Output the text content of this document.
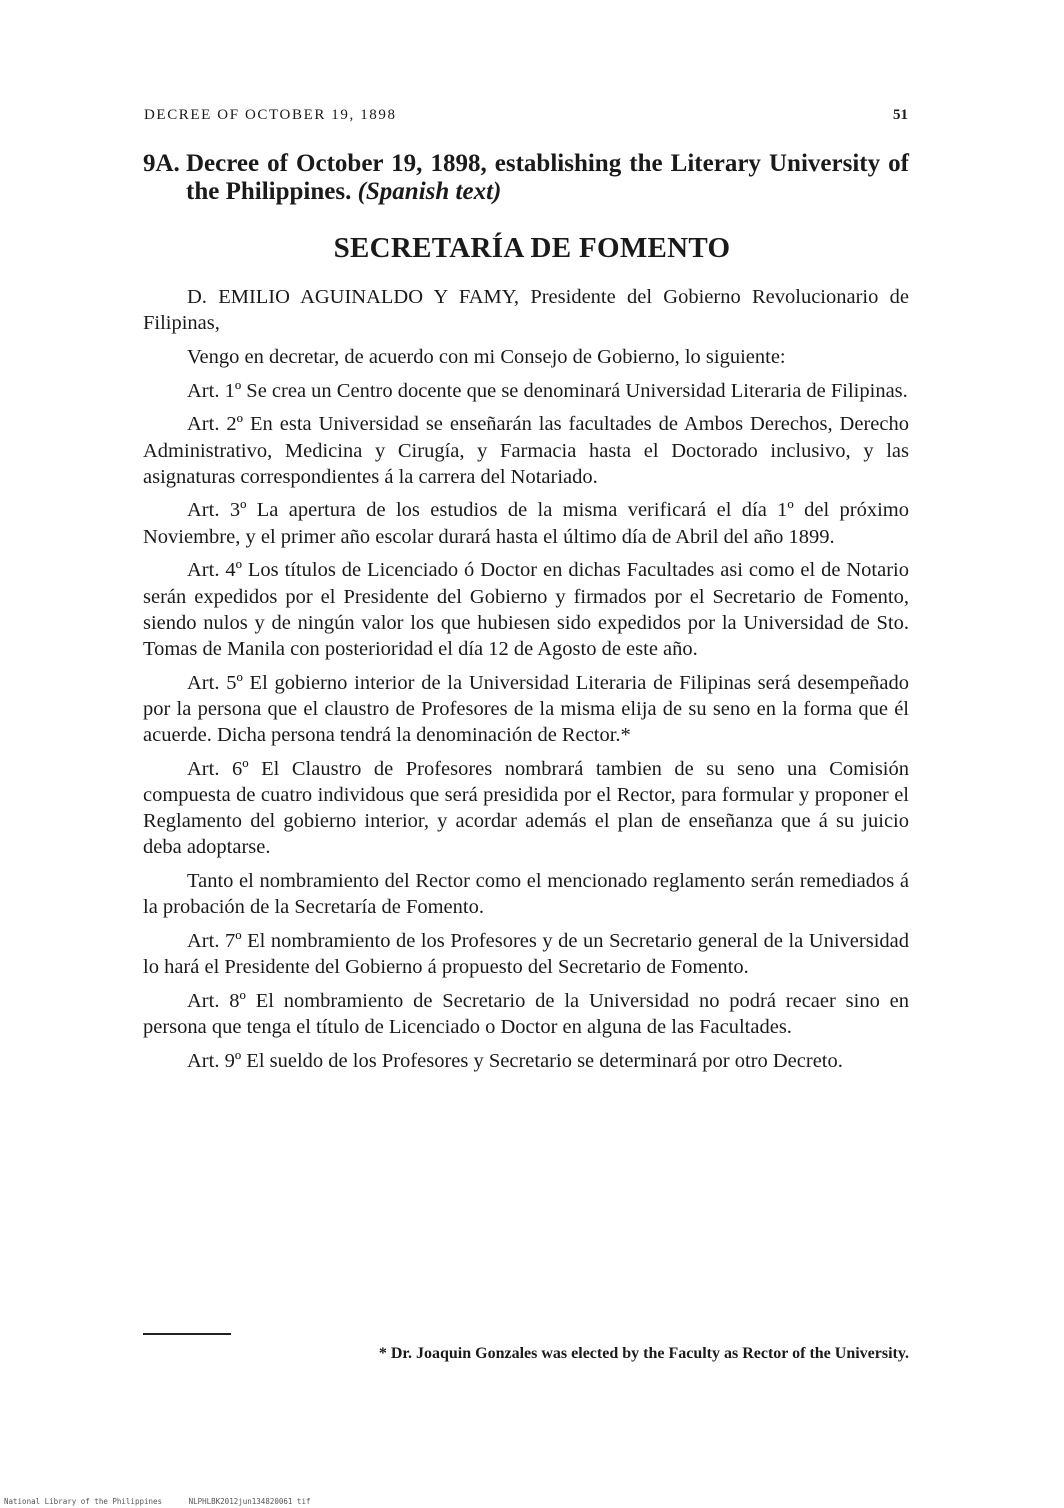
DECREE OF OCTOBER 19, 1898	51
9A. Decree of October 19, 1898, establishing the Literary University of the Philippines. (Spanish text)
SECRETARÍA DE FOMENTO

D. EMILIO AGUINALDO Y FAMY, Presidente del Gobierno Revolucionario de Filipinas,

Vengo en decretar, de acuerdo con mi Consejo de Gobierno, lo siguiente:

Art. 1º Se crea un Centro docente que se denominará Universidad Literaria de Filipinas.

Art. 2º En esta Universidad se enseñarán las facultades de Ambos Derechos, Derecho Administrativo, Medicina y Cirugía, y Farmacia hasta el Doctorado inclusivo, y las asignaturas correspondientes á la carrera del Notariado.

Art. 3º La apertura de los estudios de la misma verificará el día 1º del próximo Noviembre, y el primer año escolar durará hasta el último día de Abril del año 1899.

Art. 4º Los títulos de Licenciado ó Doctor en dichas Facultades asi como el de Notario serán expedidos por el Presidente del Gobierno y firmados por el Secretario de Fomento, siendo nulos y de ningún valor los que hubiesen sido expedidos por la Universidad de Sto. Tomas de Manila con posterioridad el día 12 de Agosto de este año.

Art. 5º El gobierno interior de la Universidad Literaria de Filipinas será desempeñado por la persona que el claustro de Profesores de la misma elija de su seno en la forma que él acuerde. Dicha persona tendrá la denominación de Rector.*

Art. 6º El Claustro de Profesores nombrará tambien de su seno una Comisión compuesta de cuatro individous que será presidida por el Rector, para formular y proponer el Reglamento del gobierno interior, y acordar además el plan de enseñanza que á su juicio deba adoptarse.

Tanto el nombramiento del Rector como el mencionado reglamento serán remediados á la probación de la Secretaría de Fomento.

Art. 7º El nombramiento de los Profesores y de un Secretario general de la Universidad lo hará el Presidente del Gobierno á propuesto del Secretario de Fomento.

Art. 8º El nombramiento de Secretario de la Universidad no podrá recaer sino en persona que tenga el título de Licenciado o Doctor en alguna de las Facultades.

Art. 9º El sueldo de los Profesores y Secretario se determinará por otro Decreto.

* Dr. Joaquin Gonzales was elected by the Faculty as Rector of the University.
National Library of the Philippines	NLPHLBK2012jun134820061 tif
